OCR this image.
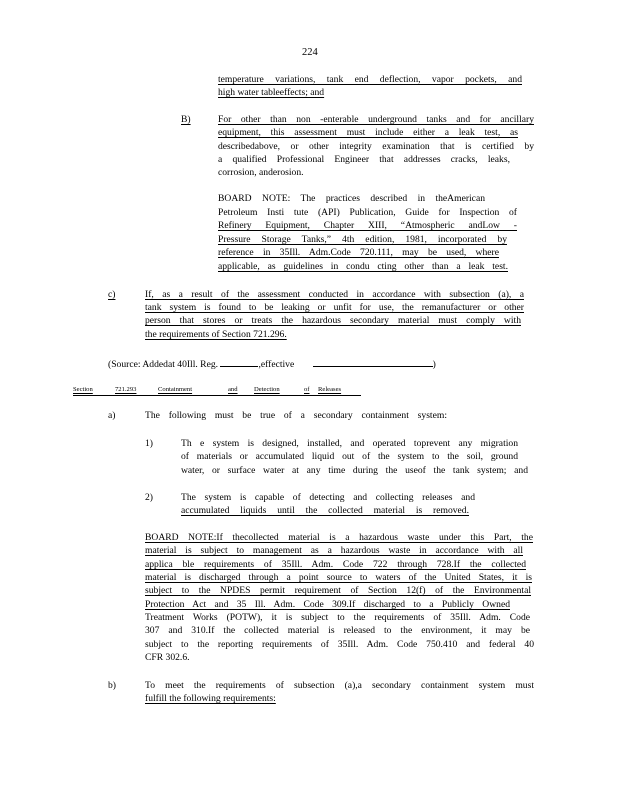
224
temperature variations, tank end deflection, vapor pockets, and
high water tableeffects; and
B)	For other than non -enterable underground tanks and for ancillary
equipment, this assessment must include either a leak test, as
describedabove, or other integrity examination that is certified by
a qualified Professional Engineer that addresses cracks, leaks,
corrosion, anderosion.
BOARD NOTE: The practices described in theAmerican
Petroleum Insti tute (API) Publication, Guide for Inspection of
Refinery Equipment, Chapter XIII, “Atmospheric andLow -
Pressure Storage Tanks,” 4th edition, 1981, incorporated by
reference in 35Ill. Adm.Code 720.111, may be used, where
applicable, as guidelines in condu cting other than a leak test.
c)	If, as a result of the assessment conducted in accordance with subsection (a), a
tank system is found to be leaking or unfit for use, the remanufacturer or other
person that stores or treats the hazardous secondary material must comply with
the requirements of Section 721.296.
(Source: Addedat 40Ill. Reg.	,effective	)
Section	721.293	Containment	and Detection	of Releases
a)	The following must be true of a secondary containment system:
1)	Th e system is designed, installed, and operated toprevent any migration
of materials or accumulated liquid out of the system to the soil, ground
water, or surface water at any time during the useof the tank system; and
2)	The system is capable of detecting and collecting releases and
accumulated liquids until the collected material is removed.
BOARD NOTE:If thecollected material is a hazardous waste under this Part, the
material is subject to management as a hazardous waste in accordance with all
applica ble requirements of 35Ill. Adm. Code 722 through 728.If the collected
material is discharged through a point source to waters of the United States, it is
subject to the NPDES permit requirement of Section 12(f) of the Environmental
Protection Act and 35 Ill. Adm. Code 309.If discharged to a Publicly Owned
Treatment Works (POTW), it is subject to the requirements of 35Ill. Adm. Code
307 and 310.If the collected material is released to the environment, it may be
subject to the reporting requirements of 35Ill. Adm. Code 750.410 and federal 40
CFR 302.6.
b)	To meet the requirements of subsection (a),a secondary containment system must
fulfill the following requirements:
